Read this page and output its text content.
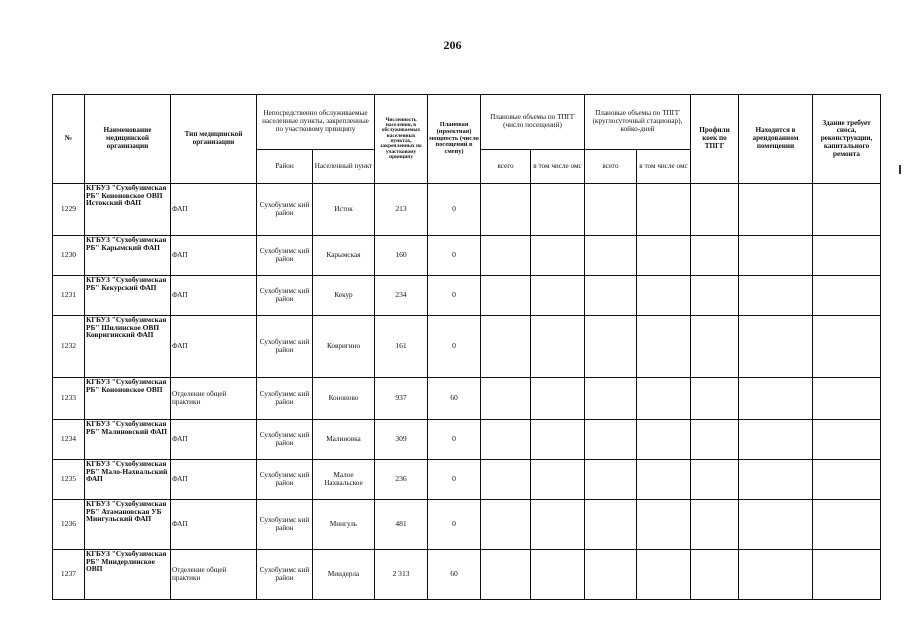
206
№	Наименование медицинской организации	Тип медицинской организации	Непосредственно обслуживаемые населенные пункты, закрепленные по участковому принципу		Численность населения, в обслуживаемых населенных пунктах, закрепленных по участковому принципу	Плановая (проектная) мощность (число посещений в смену)	Плановые объемы по ТПГГ (число посещений)		Плановые объемы по ТПГГ (круглосуточный стационар), койко-дней		Профили коек по ТПГГ	Находится в арендованном помещении	Здание требует сноса, реконструкции, капитального ремонта
			Район	Населенный пункт			всего	в том числе омс	всего	в том числе омс			
1229	КГБУЗ "Сухобузимская РБ" Кононовское ОВП Истокский ФАП	ФАП	Сухобузимс кий район	Исток	213	0							
1230	КГБУЗ "Сухобузимская РБ" Карымский ФАП	ФАП	Сухобузимс кий район	Карымская	160	0							
1231	КГБУЗ "Сухобузимская РБ" Кекурский ФАП	ФАП	Сухобузимс кий район	Кекур	234	0							
1232	КГБУЗ "Сухобузимская РБ" Шилинское ОВП Ковригинский ФАП	ФАП	Сухобузимс кий район	Ковригино	161	0							
1233	КГБУЗ "Сухобузимская РБ" Кононовское ОВП	Отделение общей практики	Сухобузимс кий район	Кононово	937	60							
1234	КГБУЗ "Сухобузимская РБ" Малиновский ФАП	ФАП	Сухобузимс кий район	Малиновка	309	0							
1235	КГБУЗ "Сухобузимская РБ" Мало-Нахвальский ФАП	ФАП	Сухобузимс кий район	Малое Нахвальское	236	0							
1236	КГБУЗ "Сухобузимская РБ" Атамановская УБ Мингульский ФАП	ФАП	Сухобузимс кий район	Мингуль	481	0							
1237	КГБУЗ "Сухобузимская РБ" Миндерлинское ОВП	Отделение общей практики	Сухобузимс кий район	Миндерла	2 313	60							
